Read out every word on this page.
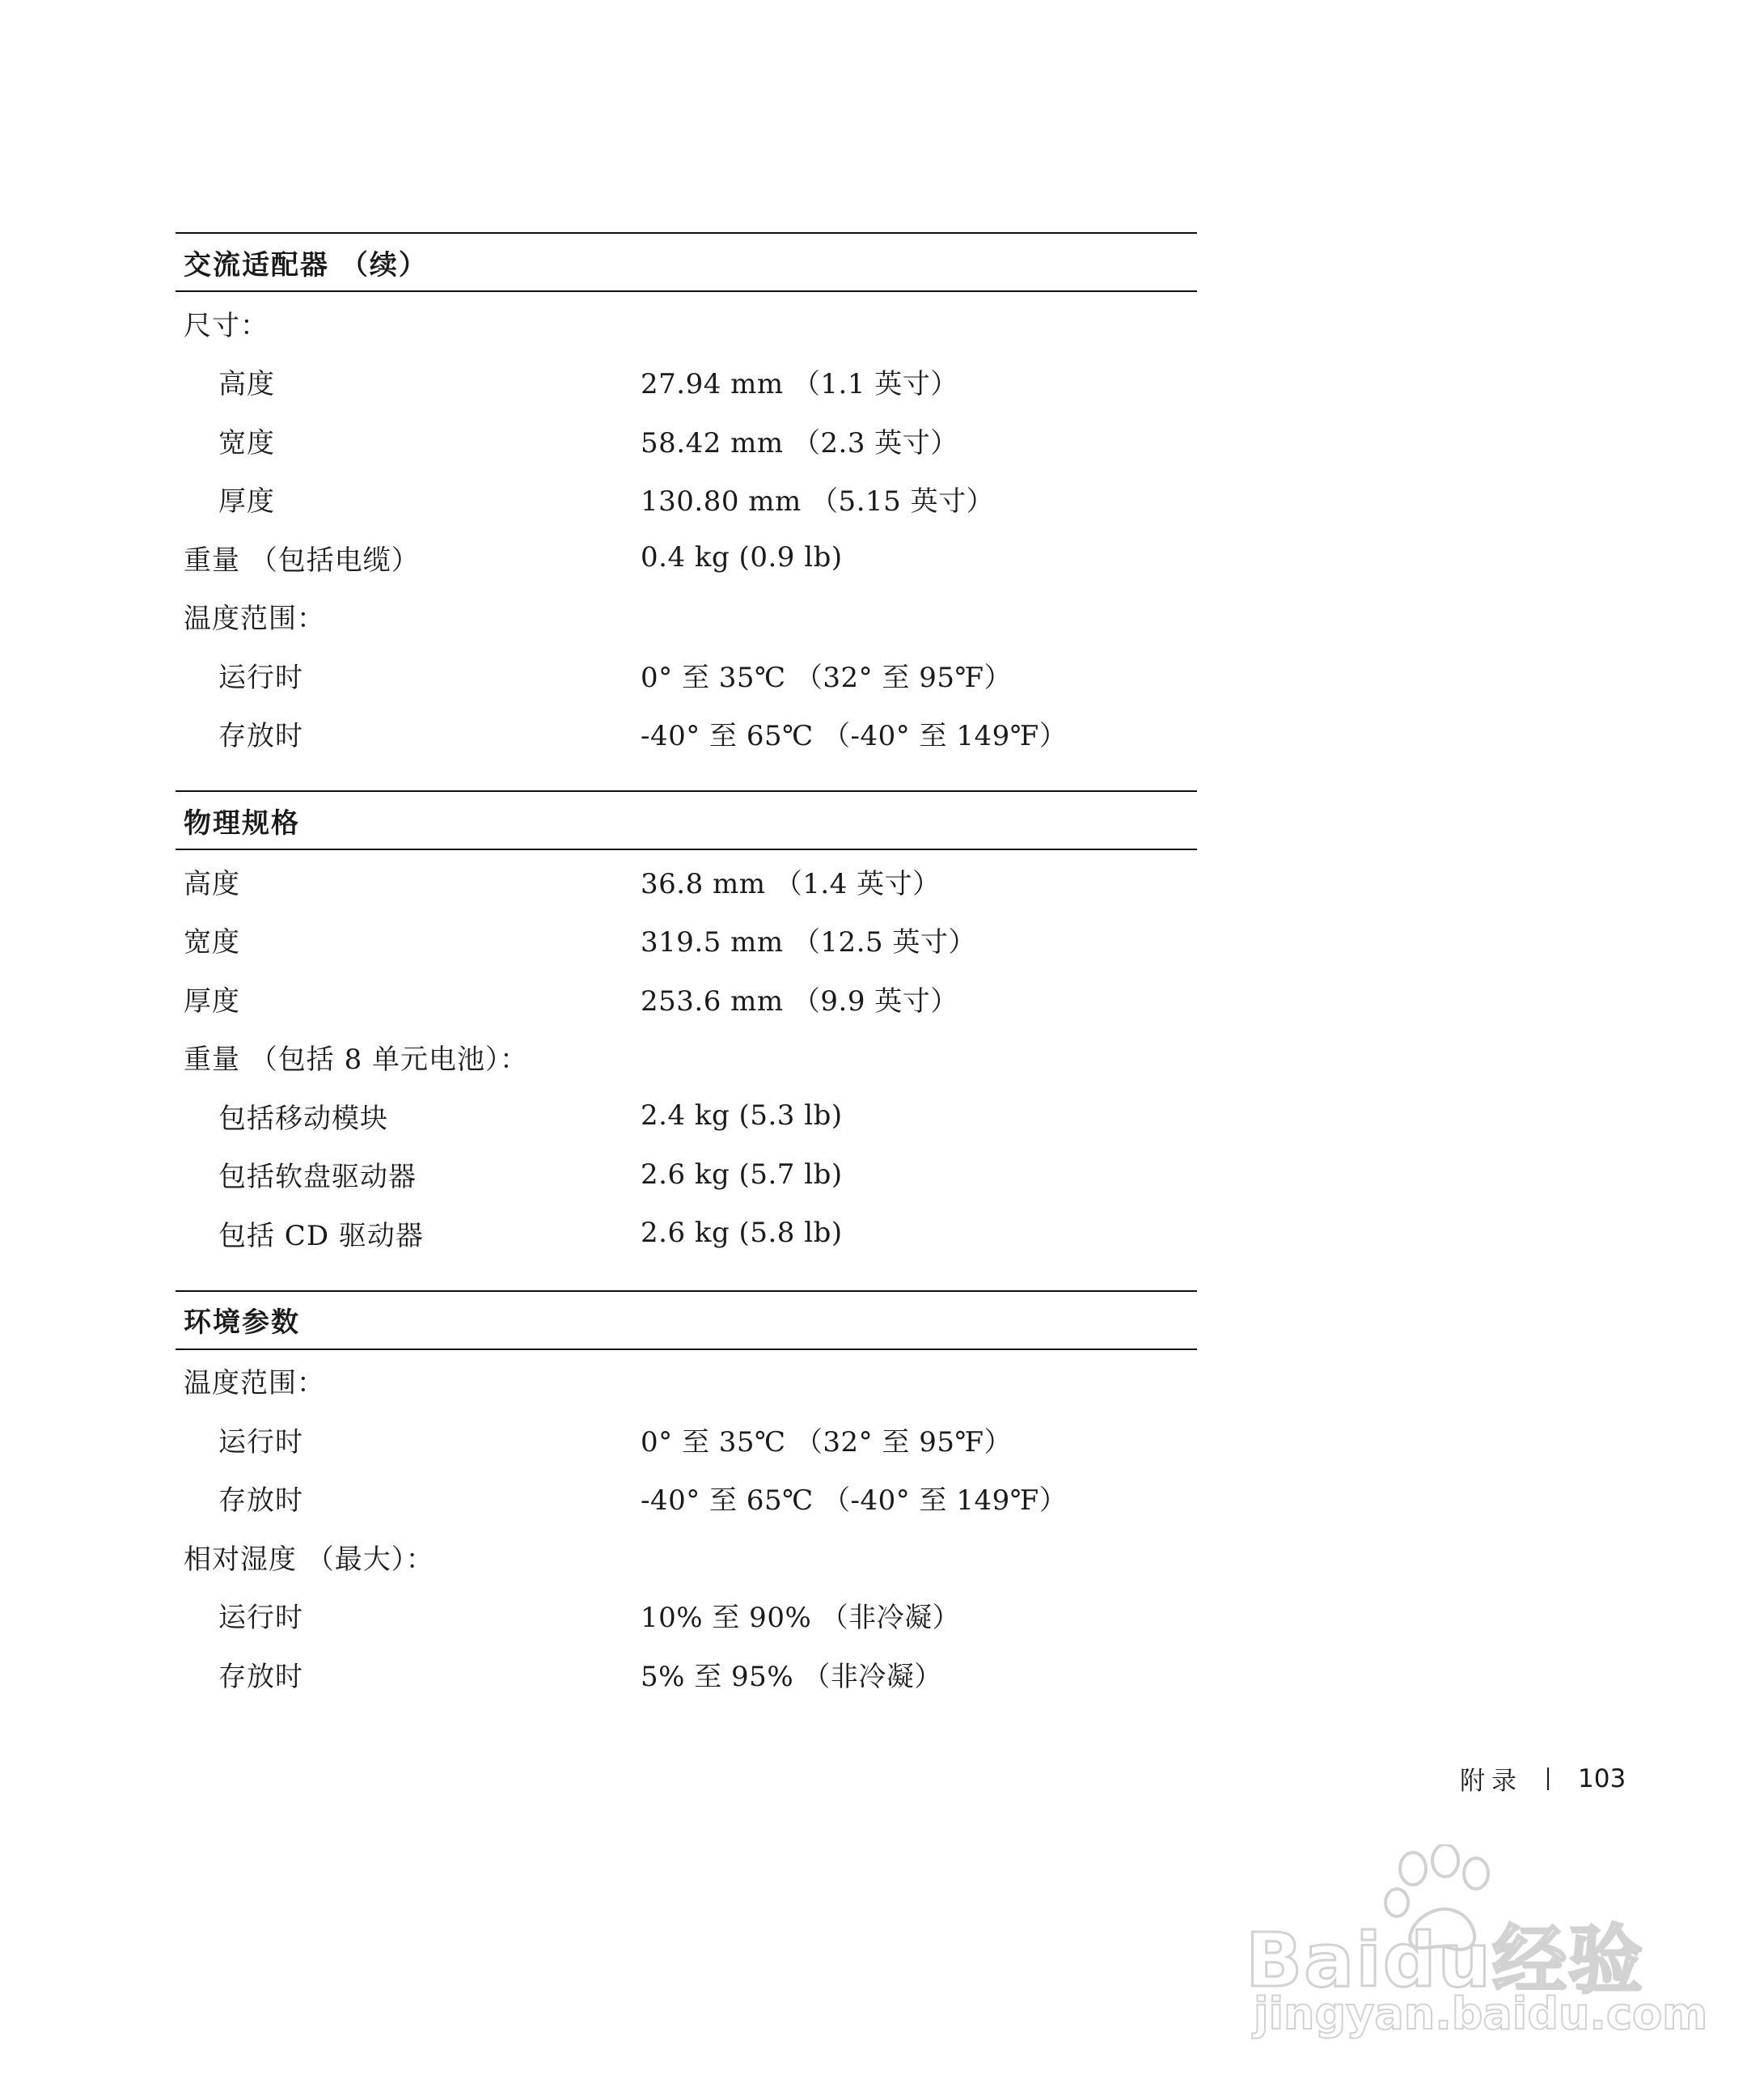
交流适配器 （续）
尺寸：
高度	27.94 mm （1.1 英寸）
宽度	58.42 mm （2.3 英寸）
厚度	130.80 mm （5.15 英寸）
重量 （包括电缆）	0.4 kg (0.9 lb)
温度范围：
运行时	0° 至 35℃ （32° 至 95℉）
存放时	-40° 至 65℃ （-40° 至 149℉）
物理规格
高度	36.8 mm （1.4 英寸）
宽度	319.5 mm （12.5 英寸）
厚度	253.6 mm （9.9 英寸）
重量 （包括 8 单元电池）：
包括移动模块	2.4 kg (5.3 lb)
包括软盘驱动器	2.6 kg (5.7 lb)
包括 CD 驱动器	2.6 kg (5.8 lb)
环境参数
温度范围：
运行时	0° 至 35℃ （32° 至 95℉）
存放时	-40° 至 65℃ （-40° 至 149℉）
相对湿度 （最大）：
运行时	10% 至 90% （非冷凝）
存放时	5% 至 95% （非冷凝）
Baidu经验
jingyan.baidu.com
附录 103
